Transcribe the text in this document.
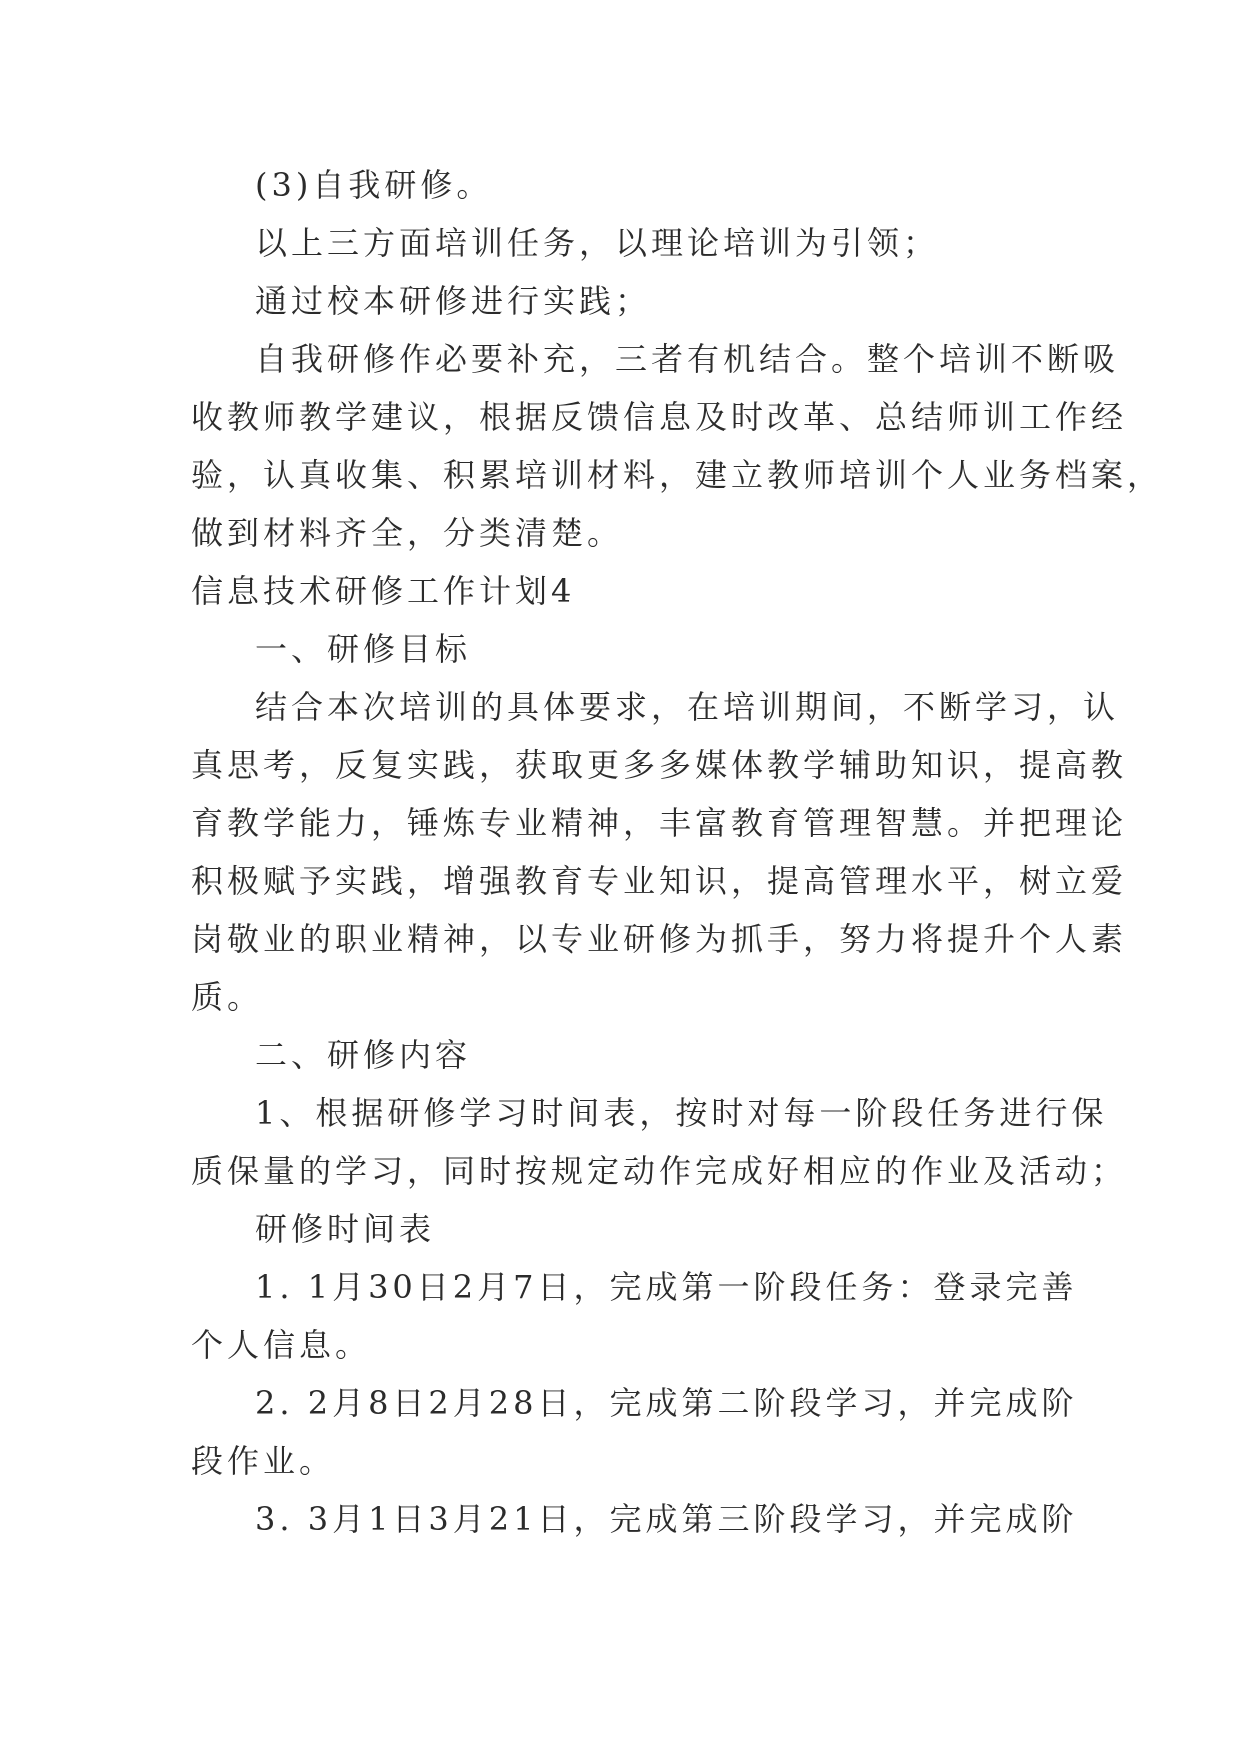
(3)自我研修。
以上三方面培训任务，以理论培训为引领；
通过校本研修进行实践；
自我研修作必要补充，三者有机结合。整个培训不断吸
收教师教学建议，根据反馈信息及时改革、总结师训工作经
验，认真收集、积累培训材料，建立教师培训个人业务档案，
做到材料齐全，分类清楚。
信息技术研修工作计划4
一、研修目标
结合本次培训的具体要求，在培训期间，不断学习，认
真思考，反复实践，获取更多多媒体教学辅助知识，提高教
育教学能力，锤炼专业精神，丰富教育管理智慧。并把理论
积极赋予实践，增强教育专业知识，提高管理水平，树立爱
岗敬业的职业精神，以专业研修为抓手，努力将提升个人素
质。
二、研修内容
1、根据研修学习时间表，按时对每一阶段任务进行保
质保量的学习，同时按规定动作完成好相应的作业及活动；
研修时间表
1. 1月30日2月7日，完成第一阶段任务：登录完善
个人信息。
2. 2月8日2月28日，完成第二阶段学习，并完成阶
段作业。
3. 3月1日3月21日，完成第三阶段学习，并完成阶
